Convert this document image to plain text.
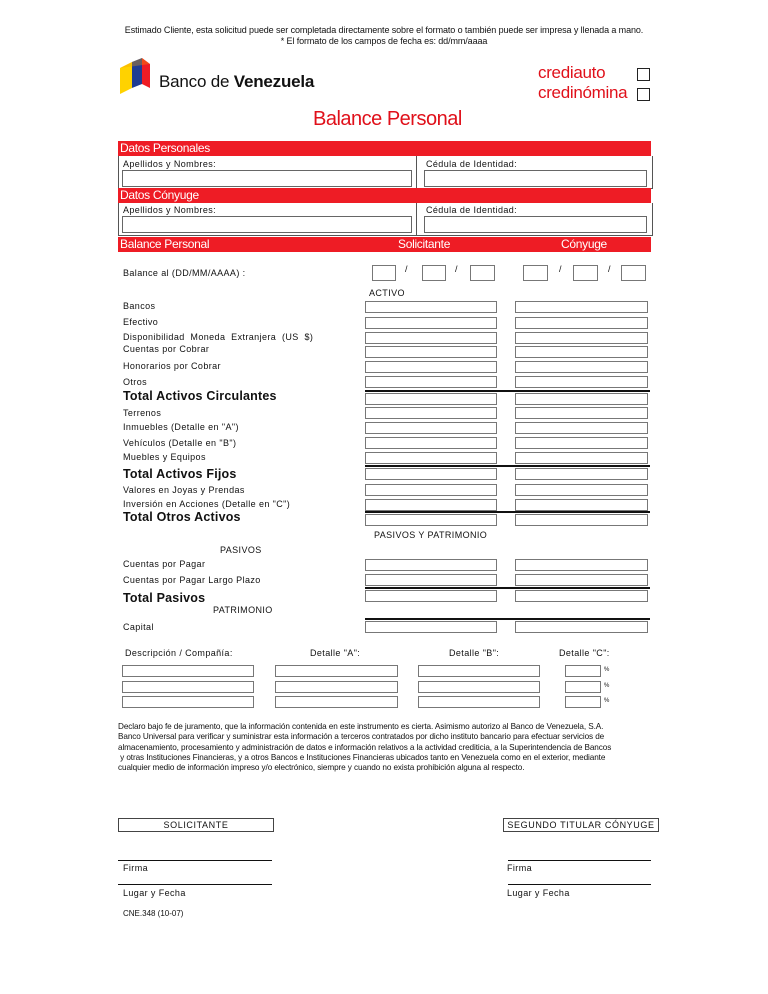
Estimado Cliente, esta solicitud puede ser completada directamente sobre el formato o también puede ser impresa y llenada a mano.
* El formato de los campos de fecha es: dd/mm/aaaa
Banco de Venezuela	crediauto
credinómina
Balance Personal
Datos Personales
Apellidos y Nombres:	Cédula de Identidad:
Datos Cónyuge
Apellidos y Nombres:	Cédula de Identidad:
Balance Personal	Solicitante	Cónyuge
Balance al (DD/MM/AAAA) :	/	/	/	/
ACTIVO
Bancos
Efectivo
Disponibilidad  Moneda  Extranjera  (US  $)
Cuentas por Cobrar
Honorarios por Cobrar
Otros
Total Activos Circulantes
Terrenos
Inmuebles (Detalle en "A")
Vehículos (Detalle en "B")
Muebles y Equipos
Total Activos Fijos
Valores en Joyas y Prendas
Inversión en Acciones (Detalle en "C")
Total Otros Activos
PASIVOS Y PATRIMONIO
PASIVOS
Cuentas por Pagar
Cuentas por Pagar Largo Plazo
Total Pasivos
PATRIMONIO
Capital
Descripción / Compañía:	Detalle "A":	Detalle "B":	Detalle "C":
%
%
%
Declaro bajo fe de juramento, que la información contenida en este instrumento es cierta. Asimismo autorizo al Banco de Venezuela, S.A.
Banco Universal para verificar y suministrar esta información a terceros contratados por dicho instituto bancario para efectuar servicios de
almacenamiento, procesamiento y administración de datos e información relativos a la actividad crediticia, a la Superintendencia de Bancos
y otras Instituciones Financieras, y a otros Bancos e Instituciones Financieras ubicados tanto en Venezuela como en el exterior, mediante
cualquier medio de información impreso y/o electrónico, siempre y cuando no exista prohibición alguna al respecto.
SOLICITANTE	SEGUNDO TITULAR CÓNYUGE
Firma	Firma
Lugar y Fecha	Lugar y Fecha
CNE.348 (10-07)
